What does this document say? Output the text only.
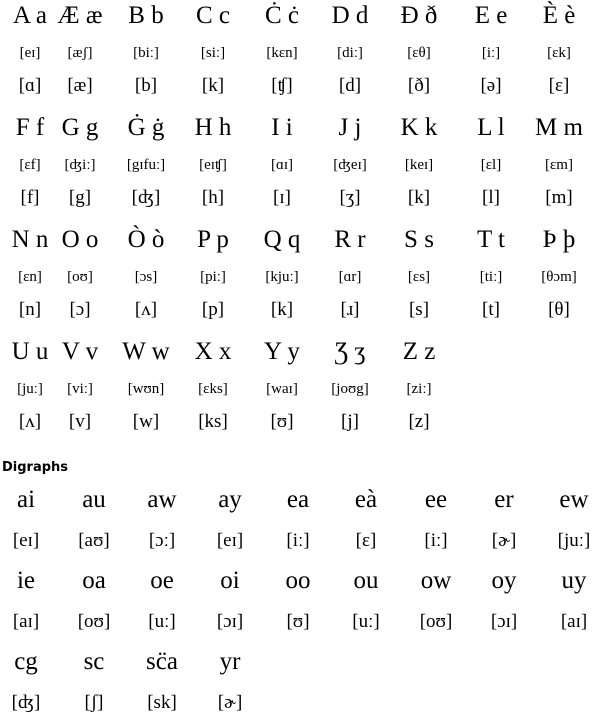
A a
[eɪ]
[ɑ]
Æ æ
[æʃ]
[æ]
B b
[biː]
[b]
C c
[siː]
[k]
Ċ ċ
[kɛn]
[ʧ]
D d
[diː]
[d]
Ð ð
[ɛθ]
[ð]
E e
[iː]
[ə]
È è
[ɛk]
[ɛ]
F f
[ɛf]
[f]
G g
[ʤiː]
[g]
Ġ ġ
[gɪfuː]
[ʤ]
H h
[eɪʧ]
[h]
I i
[ɑɪ]
[ɪ]
J j
[ʤeɪ]
[ʒ]
K k
[keɪ]
[k]
L l
[ɛl]
[l]
M m
[ɛm]
[m]
N n
[ɛn]
[n]
O o
[oʊ]
[ɔ]
Ò ò
[ɔs]
[ʌ]
P p
[piː]
[p]
Q q
[kjuː]
[k]
R r
[ɑr]
[ɹ]
S s
[ɛs]
[s]
T t
[tiː]
[t]
Þ þ
[θɔm]
[θ]
U u
[juː]
[ʌ]
V v
[viː]
[v]
W w
[wʊn]
[w]
X x
[ɛks]
[ks]
Y y
[waɪ]
[ʊ]
Ʒ ʒ
[joʊg]
[j]
Z z
[ziː]
[z]
ai
[eɪ]
au
[aʊ]
aw
[ɔː]
ay
[eɪ]
ea
[iː]
eà
[ɛ]
ee
[iː]
er
[ɚ]
ew
[juː]
ie
[aɪ]
oa
[oʊ]
oe
[uː]
oi
[ɔɪ]
oo
[ʊ]
ou
[uː]
ow
[oʊ]
oy
[ɔɪ]
uy
[aɪ]
cg
[ʤ]
sc
[ʃ]
sc̈a
[sk]
yr
[ɚ]
Digraphs
